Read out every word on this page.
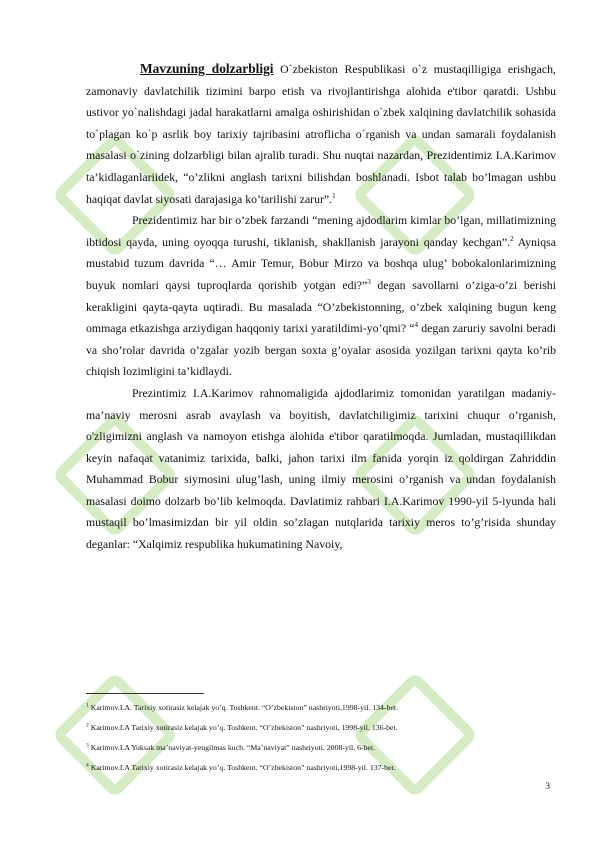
Mavzuning dolzarbligi O`zbekiston Respublikasi o`z mustaqilligiga erishgach, zamonaviy davlatchilik tizimini barpo etish va rivojlantirishga alohida e'tibor qaratdi. Ushbu ustivor yo`nalishdagi jadal harakatlarni amalga oshirishidan o`zbek xalqining davlatchilik sohasida to`plagan ko`p asrlik boy tarixiy tajribasini atroflicha o`rganish va undan samarali foydalanish masalasi o`zining dolzarbligi bilan ajralib turadi. Shu nuqtai nazardan, Prezidentimiz I.A.Karimov ta’kidlaganlariidek, “o’zlikni anglash tarixni bilishdan boshlanadi. Isbot talab bo’lmagan ushbu haqiqat davlat siyosati darajasiga ko’tarilishi zarur”.$^1$

Prezidentimiz har bir o’zbek farzandi “mening ajdodlarim kimlar bo’lgan, millatimizning ibtidosi qayda, uning oyoqqa turushi, tiklanish, shakllanish jarayoni qanday kechgan”.$^2$ Ayniqsa mustabid tuzum davrida “… Amir Temur, Bobur Mirzo va boshqa ulug’ bobokalonlarimizning buyuk nomlari qaysi tuproqlarda qorishib yotgan edi?”$^3$ degan savollarni o’ziga-o’zi berishi kerakligini qayta-qayta uqtiradi. Bu masalada “O’zbekistonning, o’zbek xalqining bugun keng ommaga etkazishga arziydigan haqqoniy tarixi yaratildimi-yo’qmi? “$^4$ degan zaruriy savolni beradi va sho’rolar davrida o’zgalar yozib bergan soxta g’oyalar asosida yozilgan tarixni qayta ko’rib chiqish lozimligini ta’kidlaydi.

Prezintimiz I.A.Karimov rahnomaligida ajdodlarimiz tomonidan yaratilgan madaniy-ma’naviy merosni asrab avaylash va boyitish, davlatchiligimiz tarixini chuqur o’rganish, o'zligimizni anglash va namoyon etishga alohida e'tibor qaratilmoqda. Jumladan, mustaqillikdan keyin nafaqat vatanimiz tarixida, balki, jahon tarixi ilm fanida yorqin iz qoldirgan Zahriddin Muhammad Bobur siymosini ulug’lash, uning ilmiy merosini o’rganish va undan foydalanish masalasi doimo dolzarb bo’lib kelmoqda. Davlatimiz rahbari I.A.Karimov 1990-yil 5-iyunda hali mustaqil bo’lmasimizdan bir yil oldin so’zlagan nutqlarida tarixiy meros to’g’risida shunday deganlar: “Xalqimiz respublika hukumatining Navoiy,

$^1$ Karimov.I.A. Tarixiy xotirasiz kelajak yo’q. Toshkent. “O’zbekiston” nashriyoti,1998-yil. 134-bet.
$^2$ Karimov.I.A Tarixiy xotirasiz kelajak yo’q. Toshkent. “O’zbekiston” nashriyoti, 1998-yil. 136-bet.
$^3$ Karimov.I.A Yuksak ma’naviyat-yengilmas kuch. “Ma’naviyat” nashriyoti. 2008-yil. 6-bet.
$^4$ Karimov.I.A Tarixiy xotirasiz kelajak yo’q. Toshkent. “O’zbekiston” nashriyoti,1998-yil. 137-bet.
3
